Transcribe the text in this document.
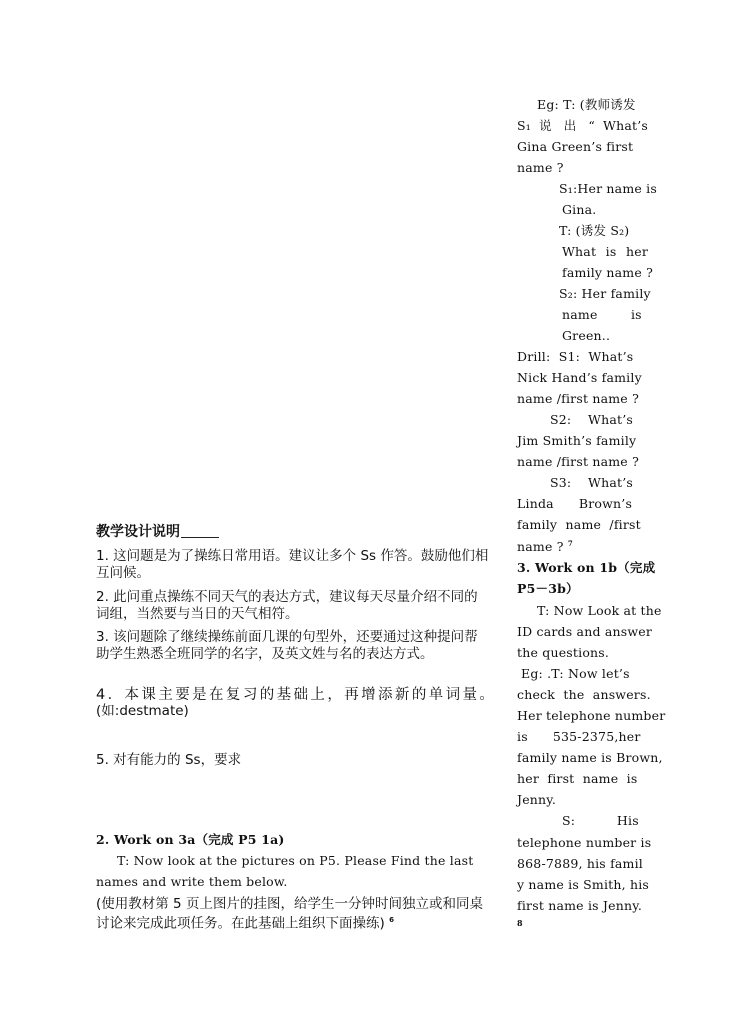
Eg: T: (教师诱发
S₁ 说 出 “ What’s
Gina Green’s first
name ?
S₁:Her name is
Gina.
T: (诱发 S₂)
What is her
family name ?
S₂: Her family
name        is
Green..
Drill:  S1:  What’s
Nick Hand’s family
name /first name ?
S2:    What’s
Jim Smith’s family
name /first name ?
S3:    What’s
Linda      Brown’s
family  name  /first
name ? $^7$
3. Work on 1b（完成
P5－3b）
T: Now Look at the
ID cards and answer
the questions.
Eg: .T: Now let’s
check  the  answers.
Her telephone number
is      535-2375,her
family name is Brown,
her  first  name  is
Jenny.
S:          His
telephone number is
868-7889, his famil
y name is Smith, his
first name is Jenny.
8
教学设计说明
1. 这问题是为了操练日常用语。建议让多个 Ss 作答。鼓励他们相
互问候。
2. 此问重点操练不同天气的表达方式，建议每天尽量介绍不同的
词组，当然要与当日的天气相符。
3. 该问题除了继续操练前面几课的句型外，还要通过这种提问帮
助学生熟悉全班同学的名字，及英文姓与名的表达方式。
4．本课主要是在复习的基础上，再增添新的单词量。
(如:destmate)
5. 对有能力的 Ss，要求
2. Work on 3a（完成 P5 1a)
T: Now look at the pictures on P5. Please Find the last
names and write them below.
(使用教材第 5 页上图片的挂图，给学生一分钟时间独立或和同桌
讨论来完成此项任务。在此基础上组织下面操练) $^6$
